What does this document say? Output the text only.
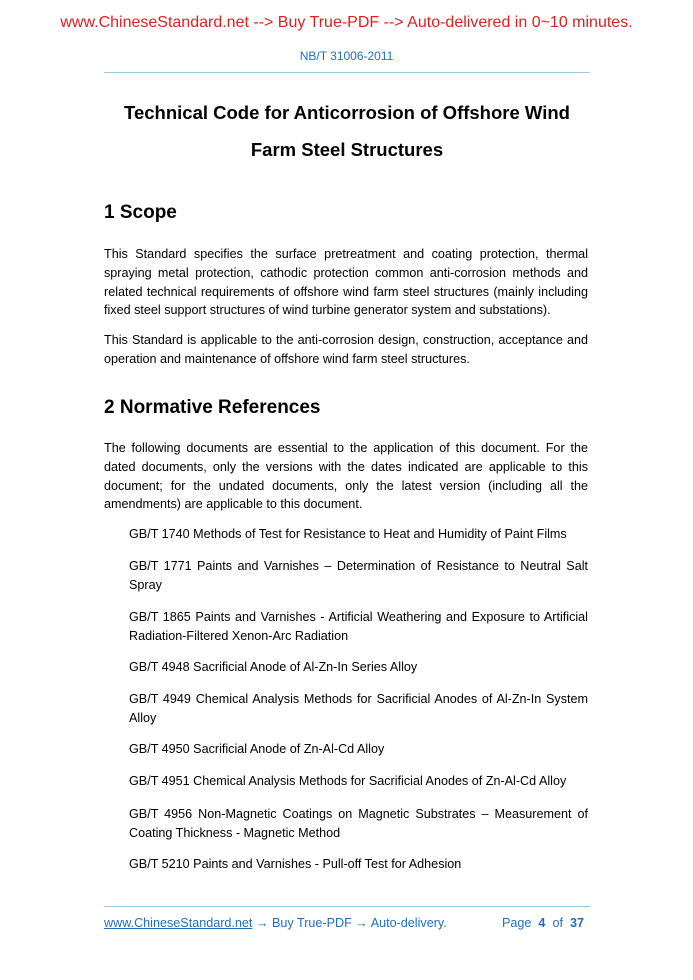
www.ChineseStandard.net --> Buy True-PDF --> Auto-delivered in 0~10 minutes.
NB/T 31006-2011
Technical Code for Anticorrosion of Offshore Wind
Farm Steel Structures
1 Scope
This Standard specifies the surface pretreatment and coating protection, thermal spraying metal protection, cathodic protection common anti-corrosion methods and related technical requirements of offshore wind farm steel structures (mainly including fixed steel support structures of wind turbine generator system and substations).
This Standard is applicable to the anti-corrosion design, construction, acceptance and operation and maintenance of offshore wind farm steel structures.
2 Normative References
The following documents are essential to the application of this document. For the dated documents, only the versions with the dates indicated are applicable to this document; for the undated documents, only the latest version (including all the amendments) are applicable to this document.
GB/T 1740 Methods of Test for Resistance to Heat and Humidity of Paint Films
GB/T 1771 Paints and Varnishes – Determination of Resistance to Neutral Salt Spray
GB/T 1865 Paints and Varnishes - Artificial Weathering and Exposure to Artificial Radiation-Filtered Xenon-Arc Radiation
GB/T 4948 Sacrificial Anode of Al-Zn-In Series Alloy
GB/T 4949 Chemical Analysis Methods for Sacrificial Anodes of Al-Zn-In System Alloy
GB/T 4950 Sacrificial Anode of Zn-Al-Cd Alloy
GB/T 4951 Chemical Analysis Methods for Sacrificial Anodes of Zn-Al-Cd Alloy
GB/T 4956 Non-Magnetic Coatings on Magnetic Substrates – Measurement of Coating Thickness - Magnetic Method
GB/T 5210 Paints and Varnishes - Pull-off Test for Adhesion
www.ChineseStandard.net → Buy True-PDF → Auto-delivery.	Page 4 of 37
